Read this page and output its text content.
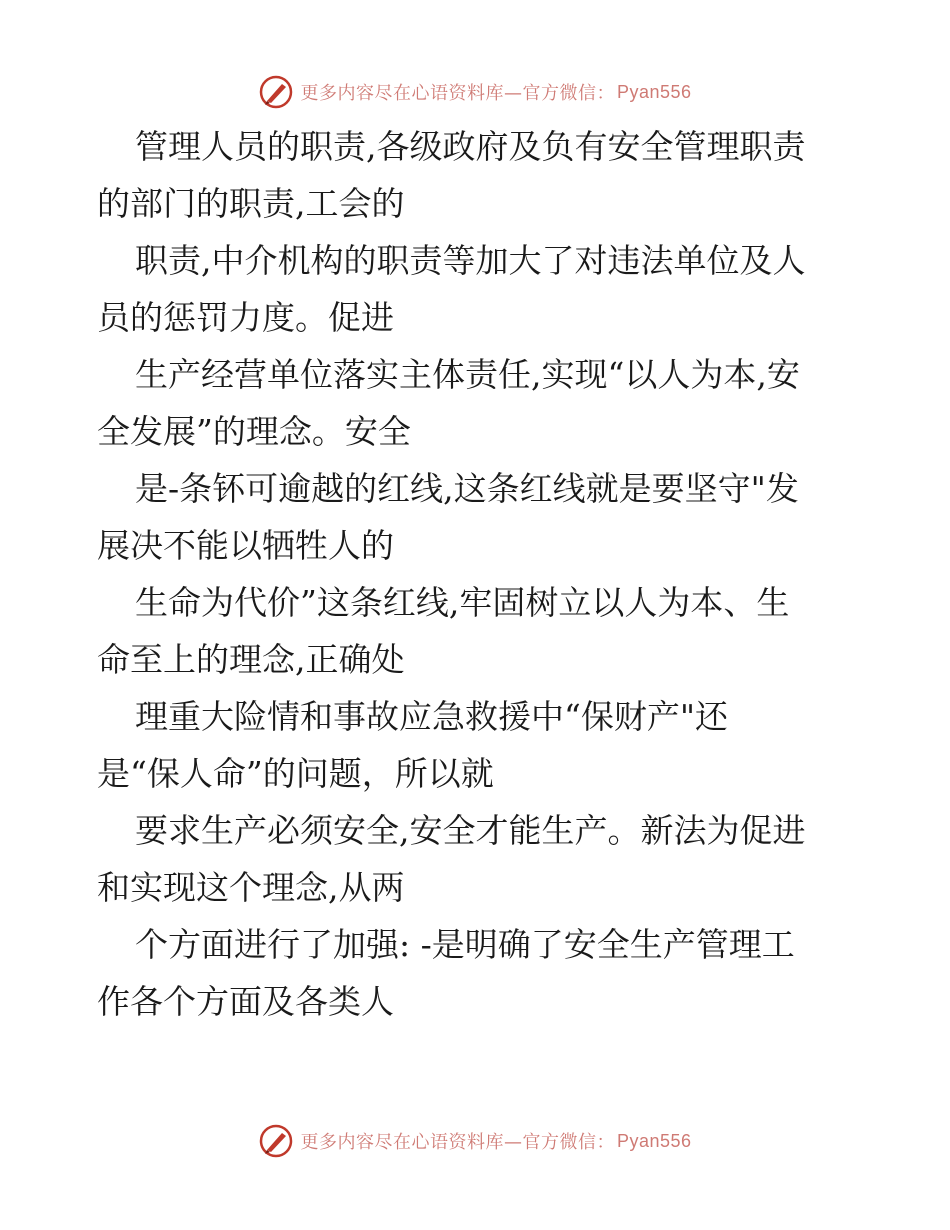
更多内容尽在心语资料库—官方微信： Pyan556

管理人员的职责,各级政府及负有安全管理职责
的部门的职责,工会的

职责,中介机构的职责等加大了对违法单位及人
员的惩罚力度。促进

生产经营单位落实主体责任,实现“以人为本,安
全发展”的理念。安全

是-条钚可逾越的红线,这条红线就是要坚守"发
展决不能以牺牲人的

生命为代价”这条红线,牢固树立以人为本、生
命至上的理念,正确处

理重大险情和事故应急救援中“保财产"还
是“保人命”的问题，所以就

要求生产必须安全,安全才能生产。新法为促进
和实现这个理念,从两

个方面进行了加强: -是明确了安全生产管理工
作各个方面及各类人

更多内容尽在心语资料库—官方微信： Pyan556
